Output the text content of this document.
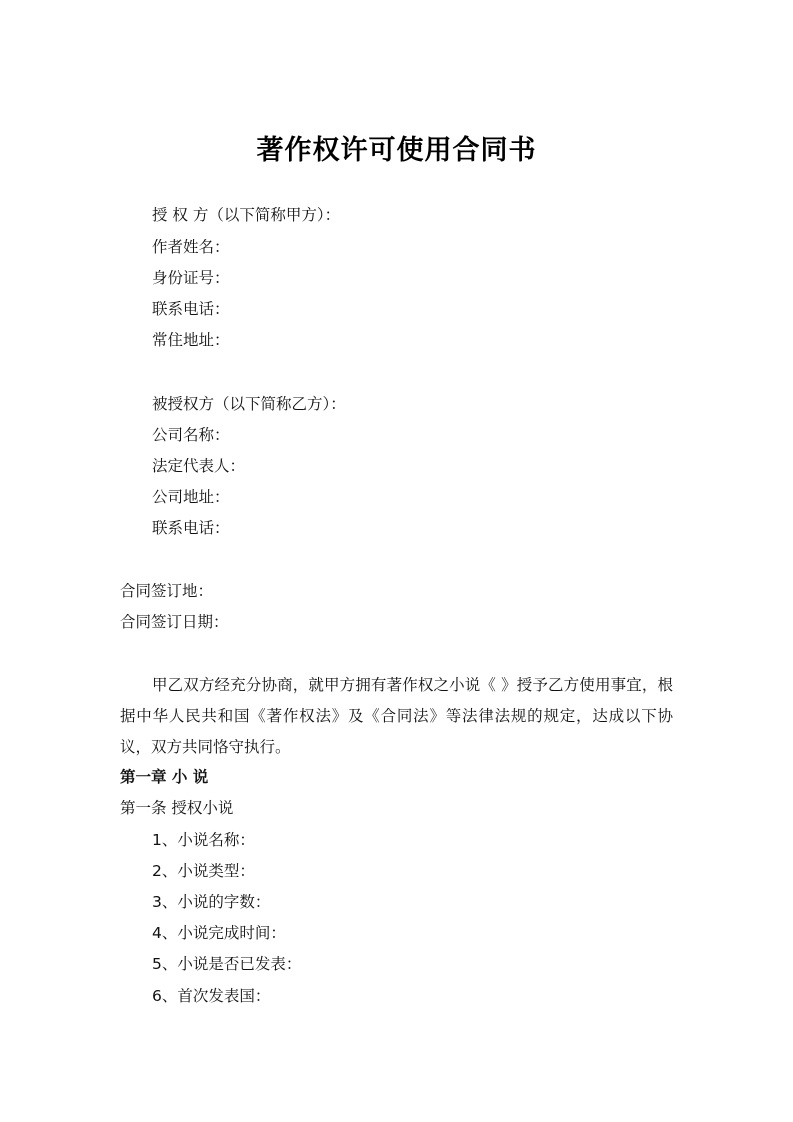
著作权许可使用合同书
授 权 方（以下简称甲方）：
作者姓名：
身份证号：
联系电话：
常住地址：
被授权方（以下简称乙方）：
公司名称：
法定代表人：
公司地址：
联系电话：
合同签订地：
合同签订日期：
甲乙双方经充分协商，就甲方拥有著作权之小说《 》授予乙方使用事宜，根据中华人民共和国《著作权法》及《合同法》等法律法规的规定，达成以下协议，双方共同恪守执行。
第一章 小 说
第一条 授权小说
1、小说名称：
2、小说类型：
3、小说的字数：
4、小说完成时间：
5、小说是否已发表：
6、首次发表国：
